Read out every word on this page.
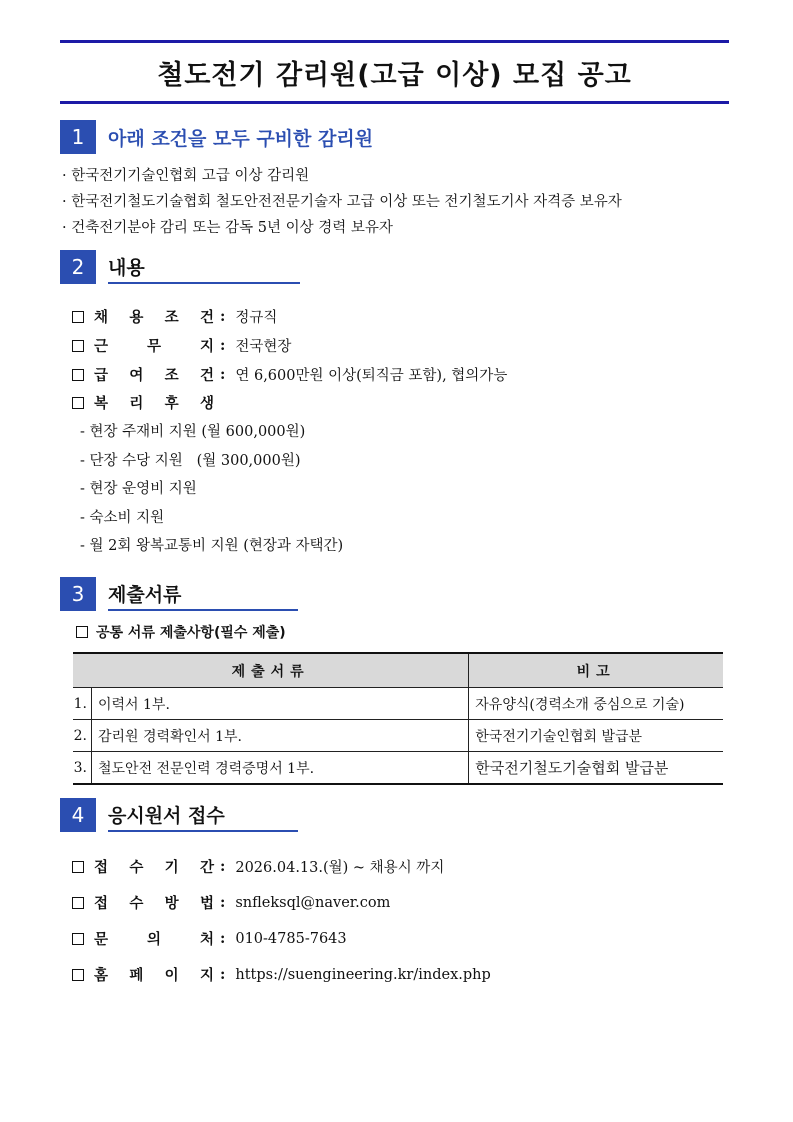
철도전기 감리원(고급 이상) 모집 공고
1	아래 조건을 모두 구비한 감리원
· 한국전기기술인협회 고급 이상 감리원
· 한국전기철도기술협회 철도안전전문기술자 고급 이상 또는 전기철도기사 자격증 보유자
· 건축전기분야 감리 또는 감독 5년 이상 경력 보유자
2	내용
채 용 조 건 : 정규직
근	무	지 : 전국현장
급 여 조 건 : 연 6,600만원 이상(퇴직금 포함), 협의가능
복 리 후 생
- 현장 주재비 지원 (월 600,000원)
- 단장 수당 지원   (월 300,000원)
- 현장 운영비 지원
- 숙소비 지원
- 월 2회 왕복교통비 지원 (현장과 자택간)
3	제출서류
공통 서류 제출사항(필수 제출)
제출서류		비고
1.	이력서 1부.	자유양식(경력소개 중심으로 기술)
2.	감리원 경력확인서 1부.	한국전기기술인협회 발급분
3.	철도안전 전문인력 경력증명서 1부.	한국전기철도기술협회 발급분
4	응시원서 접수
접 수 기 간 : 2026.04.13.(월) ~ 채용시 까지
접 수 방 법 : snfleksql@naver.com
문	의	처 : 010-4785-7643
홈 페 이 지 : https://suengineering.kr/index.php
